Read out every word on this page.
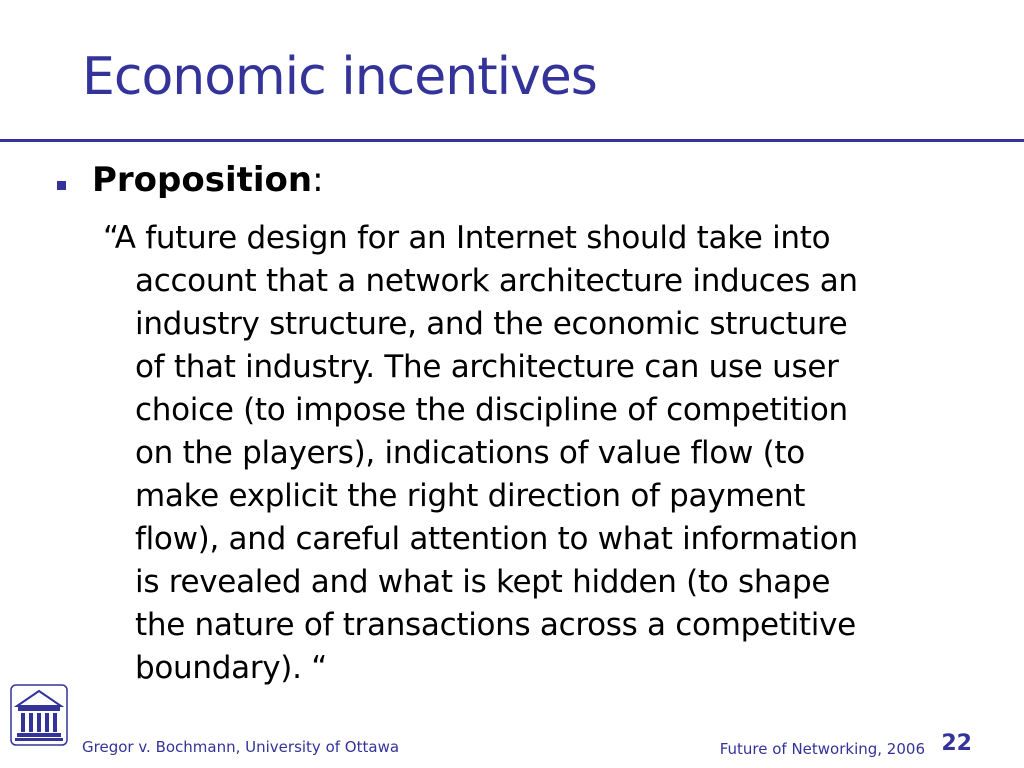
Economic incentives
Proposition:

“A future design for an Internet should take into
account that a network architecture induces an
industry structure, and the economic structure
of that industry. The architecture can use user
choice (to impose the discipline of competition
on the players), indications of value flow (to
make explicit the right direction of payment
flow), and careful attention to what information
is revealed and what is kept hidden (to shape
the nature of transactions across a competitive
boundary). “

Gregor v. Bochmann, University of Ottawa	Future of Networking, 2006 22
